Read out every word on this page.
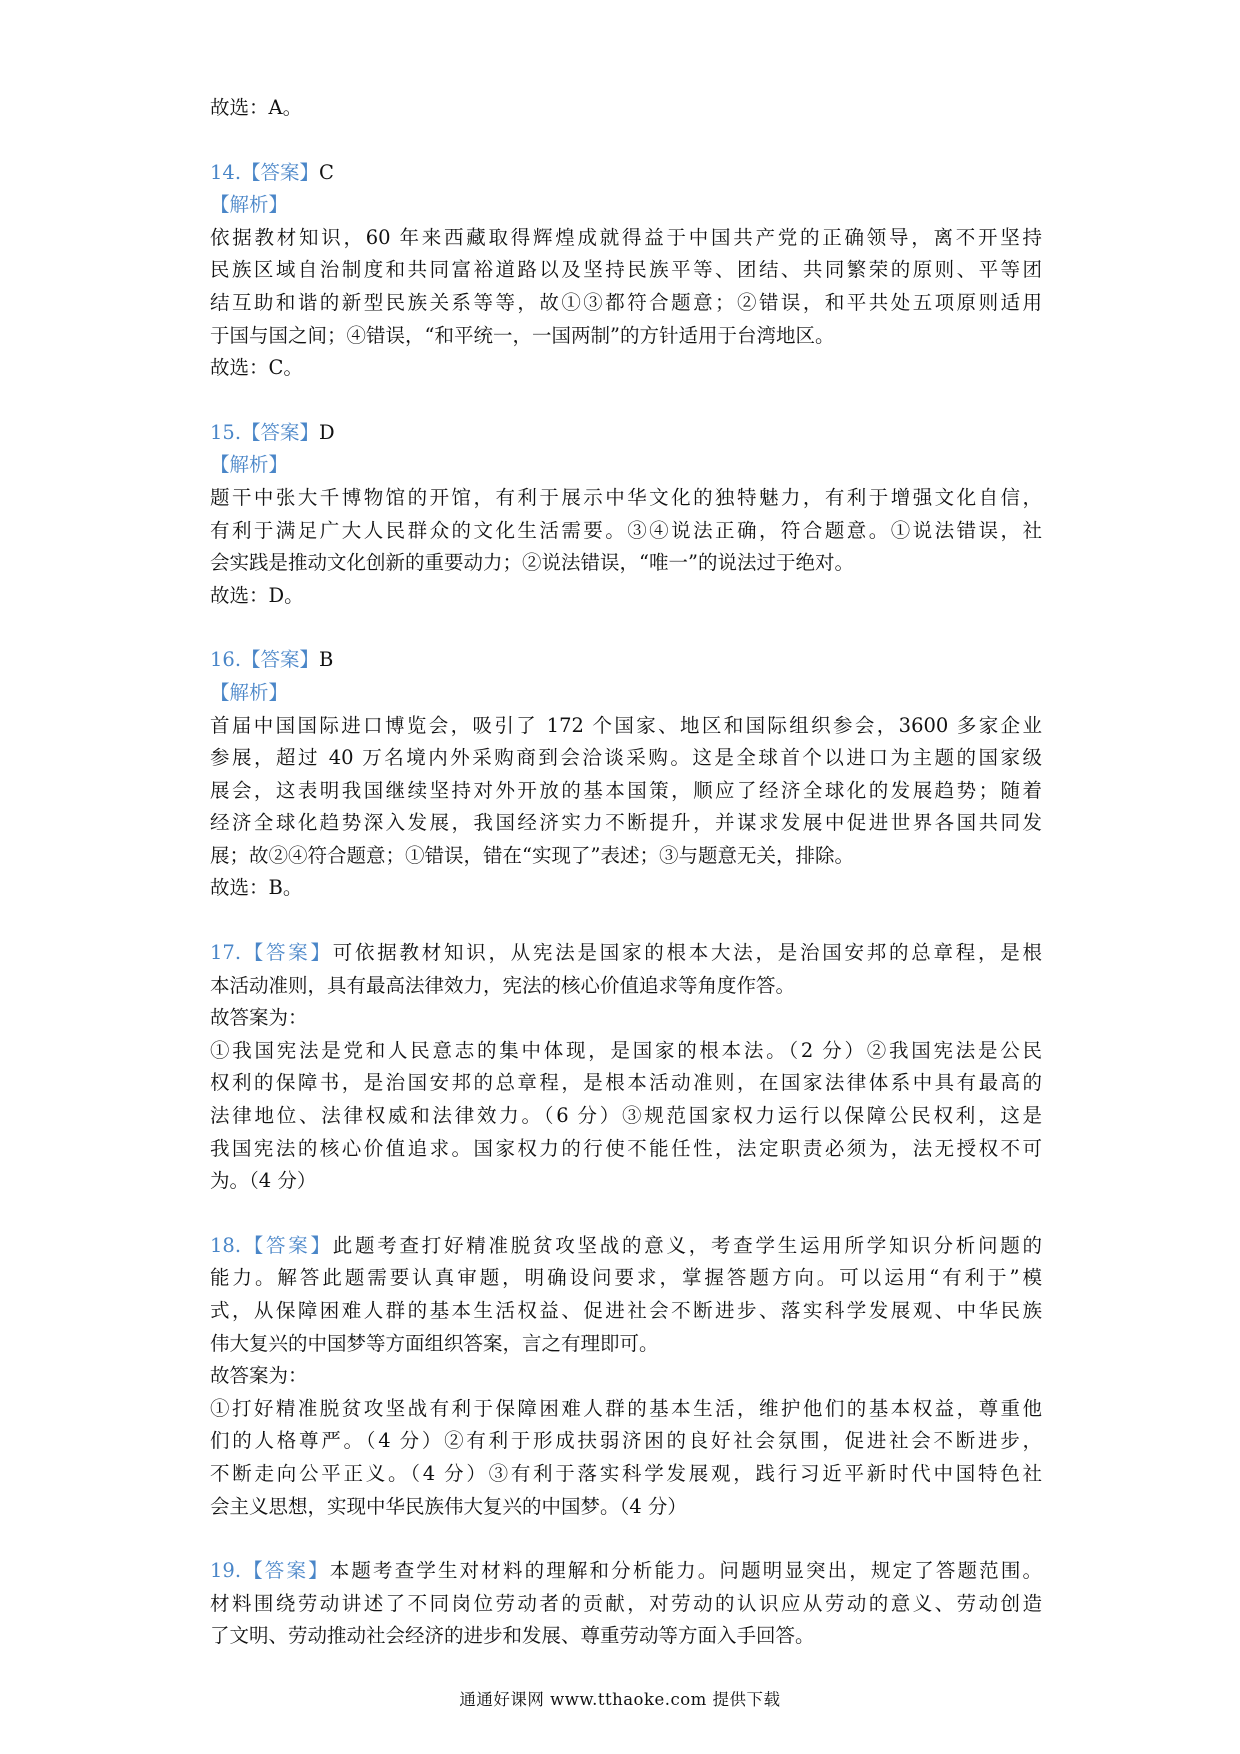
故选：A。
14.【答案】C
【解析】
依据教材知识，60 年来西藏取得辉煌成就得益于中国共产党的正确领导，离不开坚持
民族区域自治制度和共同富裕道路以及坚持民族平等、团结、共同繁荣的原则、平等团
结互助和谐的新型民族关系等等，故①③都符合题意；②错误，和平共处五项原则适用
于国与国之间；④错误，“和平统一，一国两制”的方针适用于台湾地区。
故选：C。
15.【答案】D
【解析】
题干中张大千博物馆的开馆，有利于展示中华文化的独特魅力，有利于增强文化自信，
有利于满足广大人民群众的文化生活需要。③④说法正确，符合题意。①说法错误，社
会实践是推动文化创新的重要动力；②说法错误，“唯一”的说法过于绝对。
故选：D。
16.【答案】B
【解析】
首届中国国际进口博览会，吸引了 172 个国家、地区和国际组织参会，3600 多家企业
参展，超过 40 万名境内外采购商到会洽谈采购。这是全球首个以进口为主题的国家级
展会，这表明我国继续坚持对外开放的基本国策，顺应了经济全球化的发展趋势；随着
经济全球化趋势深入发展，我国经济实力不断提升，并谋求发展中促进世界各国共同发
展；故②④符合题意；①错误，错在“实现了”表述；③与题意无关，排除。
故选：B。
17.【答案】可依据教材知识，从宪法是国家的根本大法，是治国安邦的总章程，是根
本活动准则，具有最高法律效力，宪法的核心价值追求等角度作答。
故答案为：
①我国宪法是党和人民意志的集中体现，是国家的根本法。（2 分）②我国宪法是公民
权利的保障书，是治国安邦的总章程，是根本活动准则，在国家法律体系中具有最高的
法律地位、法律权威和法律效力。（6 分）③规范国家权力运行以保障公民权利，这是
我国宪法的核心价值追求。国家权力的行使不能任性，法定职责必须为，法无授权不可
为。（4 分）
18.【答案】此题考查打好精准脱贫攻坚战的意义，考查学生运用所学知识分析问题的
能力。解答此题需要认真审题，明确设问要求，掌握答题方向。可以运用“有利于”模
式，从保障困难人群的基本生活权益、促进社会不断进步、落实科学发展观、中华民族
伟大复兴的中国梦等方面组织答案，言之有理即可。
故答案为：
①打好精准脱贫攻坚战有利于保障困难人群的基本生活，维护他们的基本权益，尊重他
们的人格尊严。（4 分）②有利于形成扶弱济困的良好社会氛围，促进社会不断进步，
不断走向公平正义。（4 分）③有利于落实科学发展观，践行习近平新时代中国特色社
会主义思想，实现中华民族伟大复兴的中国梦。（4 分）
19.【答案】本题考查学生对材料的理解和分析能力。问题明显突出，规定了答题范围。
材料围绕劳动讲述了不同岗位劳动者的贡献，对劳动的认识应从劳动的意义、劳动创造
了文明、劳动推动社会经济的进步和发展、尊重劳动等方面入手回答。
通通好课网 www.tthaoke.com 提供下载
